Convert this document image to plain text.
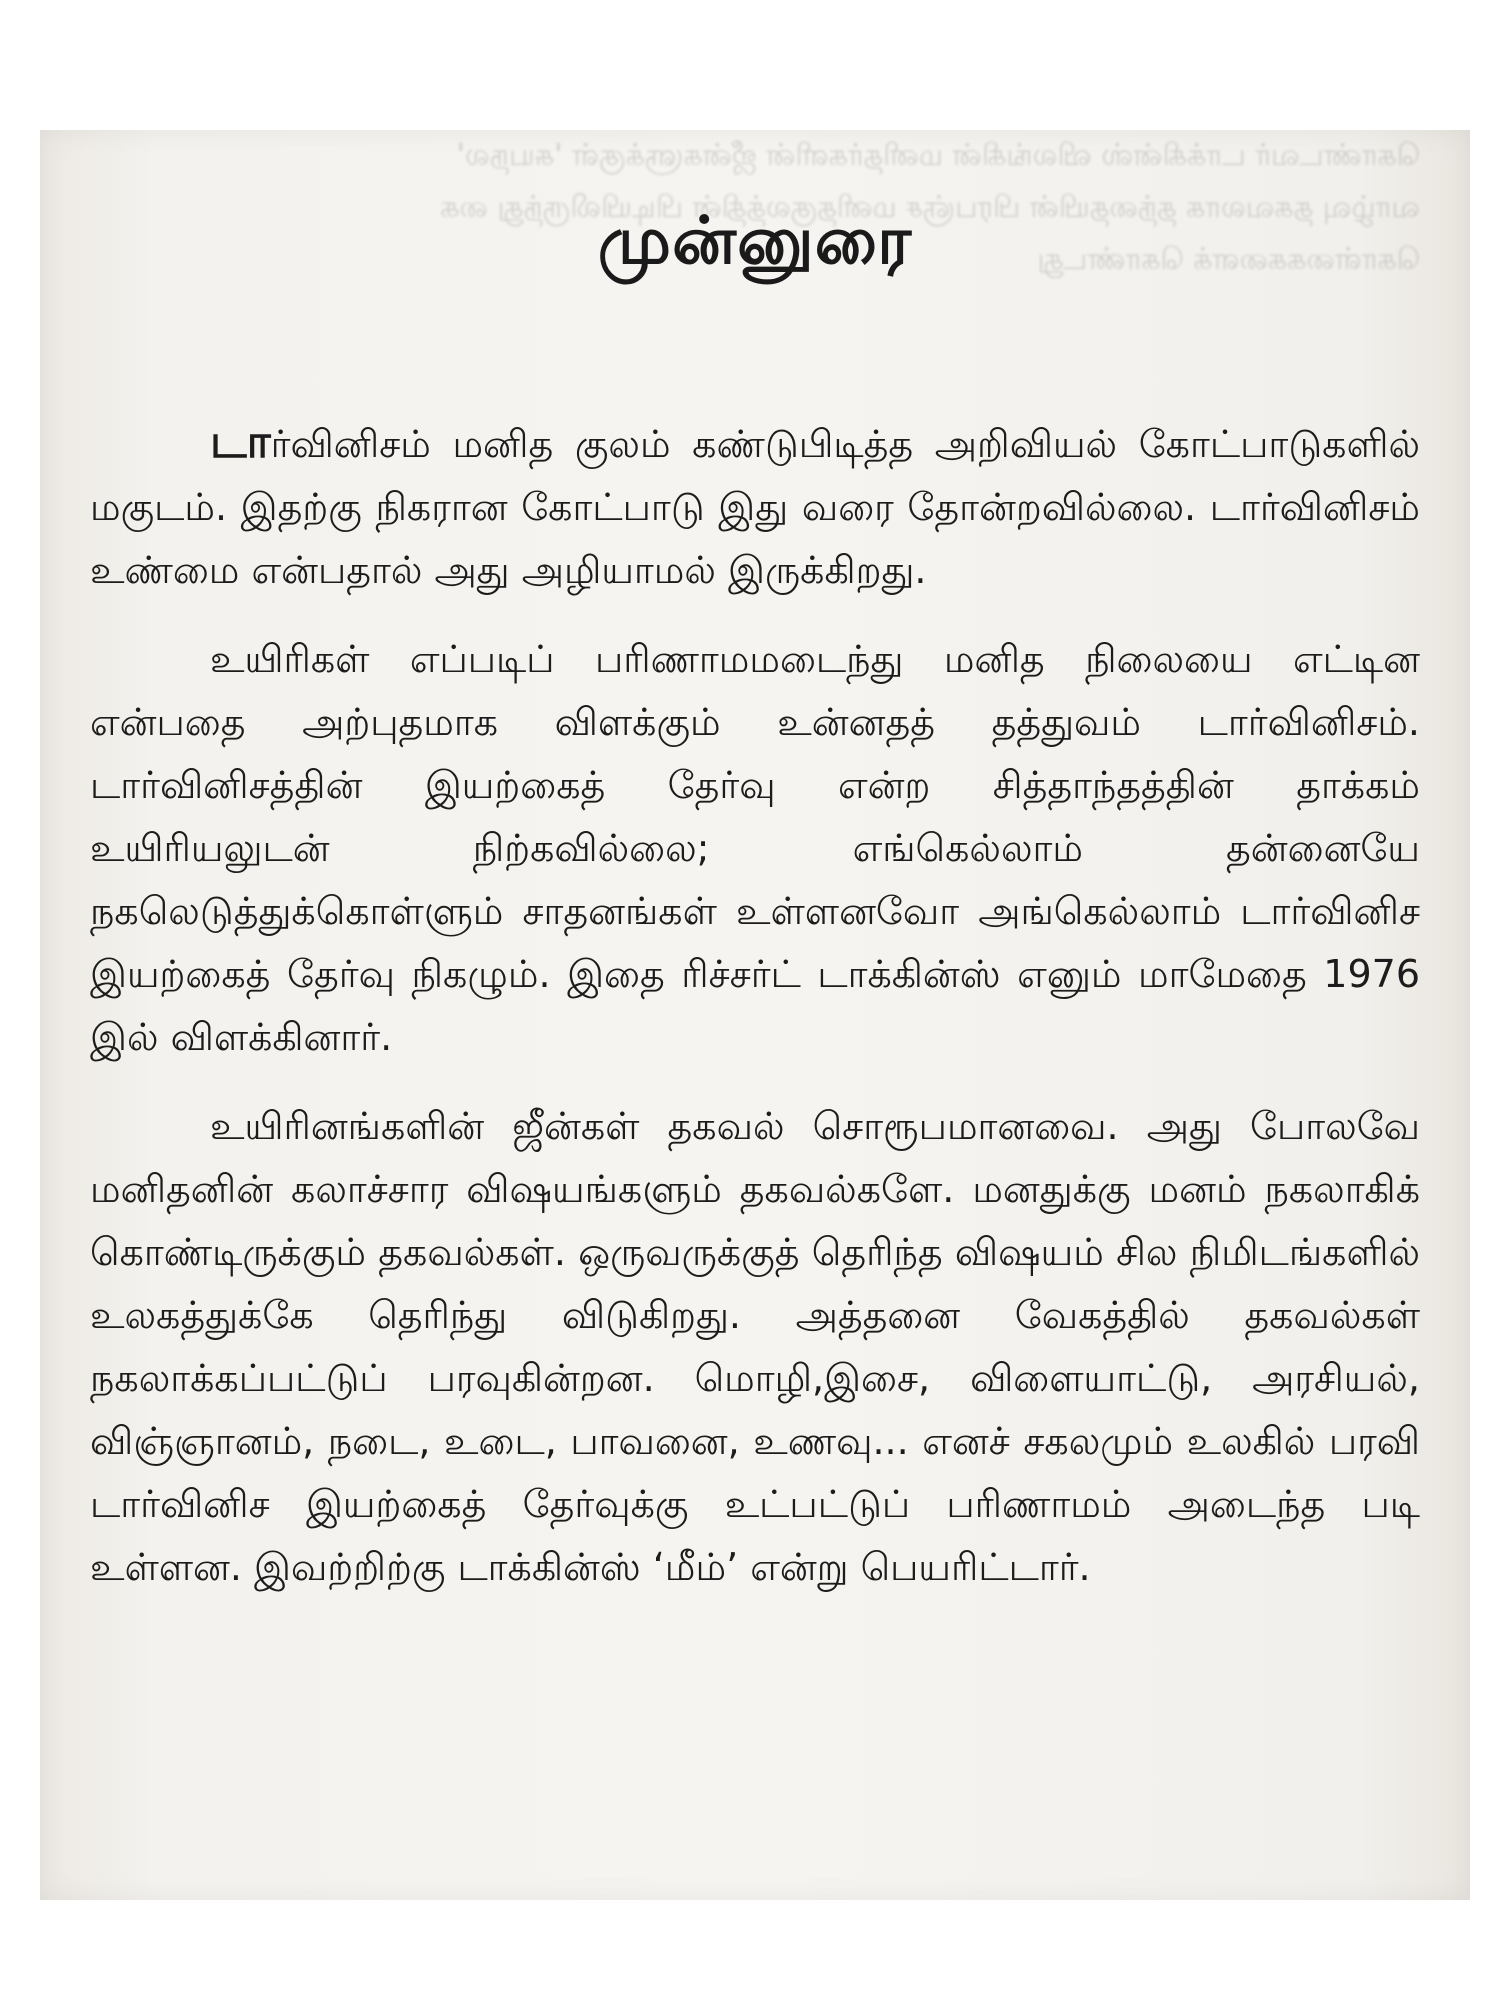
கொண்டவர் டாக்கின்ஸ் விலங்கின் மனிதர்களின் ஜீன்களுக்குள் 'சுயநல'
வாழ்வு தகவலாக தந்தையின் பிரபஞ்ச மனிதகுலத்தின் பிடியிலிருந்து கை
கொள்கைகளைக் கொண்டது
முன்னுரை

டார்வினிசம் மனித குலம் கண்டுபிடித்த அறிவியல் கோட்பாடுகளில் மகுடம். இதற்கு நிகரான கோட்பாடு இது வரை தோன்றவில்லை. டார்வினிசம் உண்மை என்பதால் அது அழியாமல் இருக்கிறது.

உயிரிகள் எப்படிப் பரிணாமமடைந்து மனித நிலையை எட்டின என்பதை அற்புதமாக விளக்கும் உன்னதத் தத்துவம் டார்வினிசம். டார்வினிசத்தின் இயற்கைத் தேர்வு என்ற சித்தாந்தத்தின் தாக்கம் உயிரியலுடன் நிற்கவில்லை; எங்கெல்லாம் தன்னையே நகலெடுத்துக்கொள்ளும் சாதனங்கள் உள்ளனவோ அங்கெல்லாம் டார்வினிச இயற்கைத் தேர்வு நிகழும். இதை ரிச்சர்ட் டாக்கின்ஸ் எனும் மாமேதை 1976 இல் விளக்கினார்.

உயிரினங்களின் ஜீன்கள் தகவல் சொரூபமானவை. அது போலவே மனிதனின் கலாச்சார விஷயங்களும் தகவல்களே. மனதுக்கு மனம் நகலாகிக் கொண்டிருக்கும் தகவல்கள். ஒருவருக்குத் தெரிந்த விஷயம் சில நிமிடங்களில் உலகத்துக்கே தெரிந்து விடுகிறது. அத்தனை வேகத்தில் தகவல்கள் நகலாக்கப்பட்டுப் பரவுகின்றன. மொழி,இசை, விளையாட்டு, அரசியல், விஞ்ஞானம், நடை, உடை, பாவனை, உணவு... எனச் சகலமும் உலகில் பரவி டார்வினிச இயற்கைத் தேர்வுக்கு உட்பட்டுப் பரிணாமம் அடைந்த படி உள்ளன. இவற்றிற்கு டாக்கின்ஸ் ‘மீம்’ என்று பெயரிட்டார்.
